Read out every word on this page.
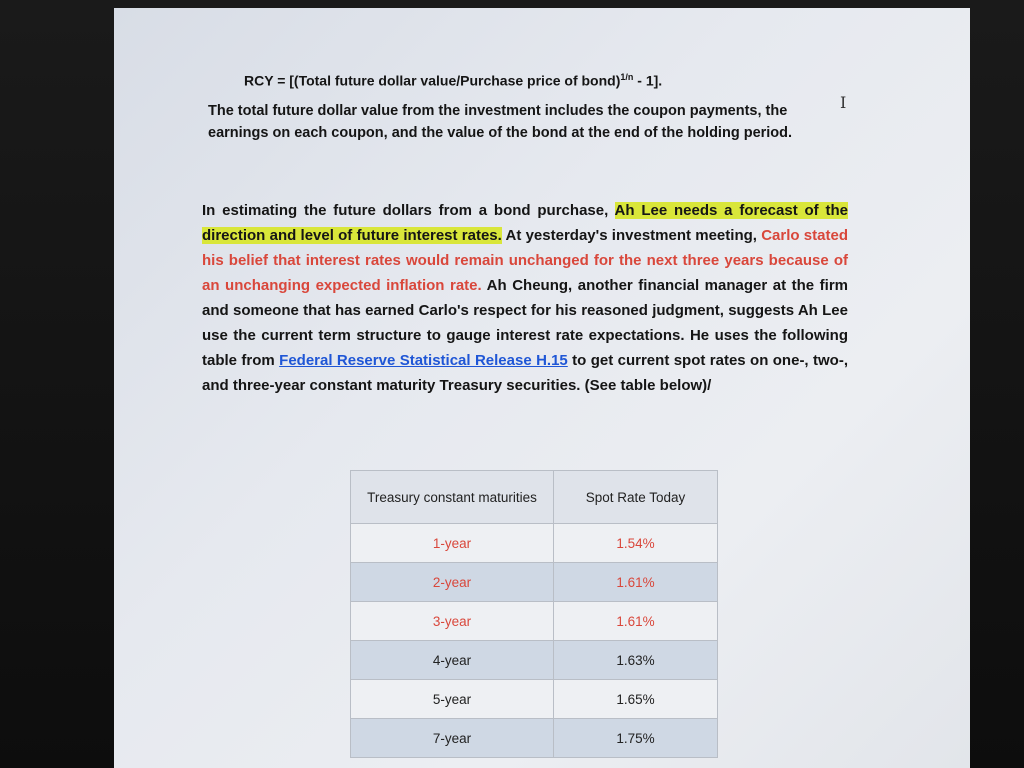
RCY = [(Total future dollar value/Purchase price of bond)$^{1/n}$ - 1].
I
The total future dollar value from the investment includes the coupon payments, the earnings on each coupon, and the value of the bond at the end of the holding period.
In estimating the future dollars from a bond purchase, Ah Lee needs a forecast of the direction and level of future interest rates. At yesterday's investment meeting, Carlo stated his belief that interest rates would remain unchanged for the next three years because of an unchanging expected inflation rate. Ah Cheung, another financial manager at the firm and someone that has earned Carlo's respect for his reasoned judgment, suggests Ah Lee use the current term structure to gauge interest rate expectations. He uses the following table from Federal Reserve Statistical Release H.15 to get current spot rates on one-, two-, and three-year constant maturity Treasury securities. (See table below)/
Treasury constant maturities	Spot Rate Today
1-year	1.54%
2-year	1.61%
3-year	1.61%
4-year	1.63%
5-year	1.65%
7-year	1.75%
